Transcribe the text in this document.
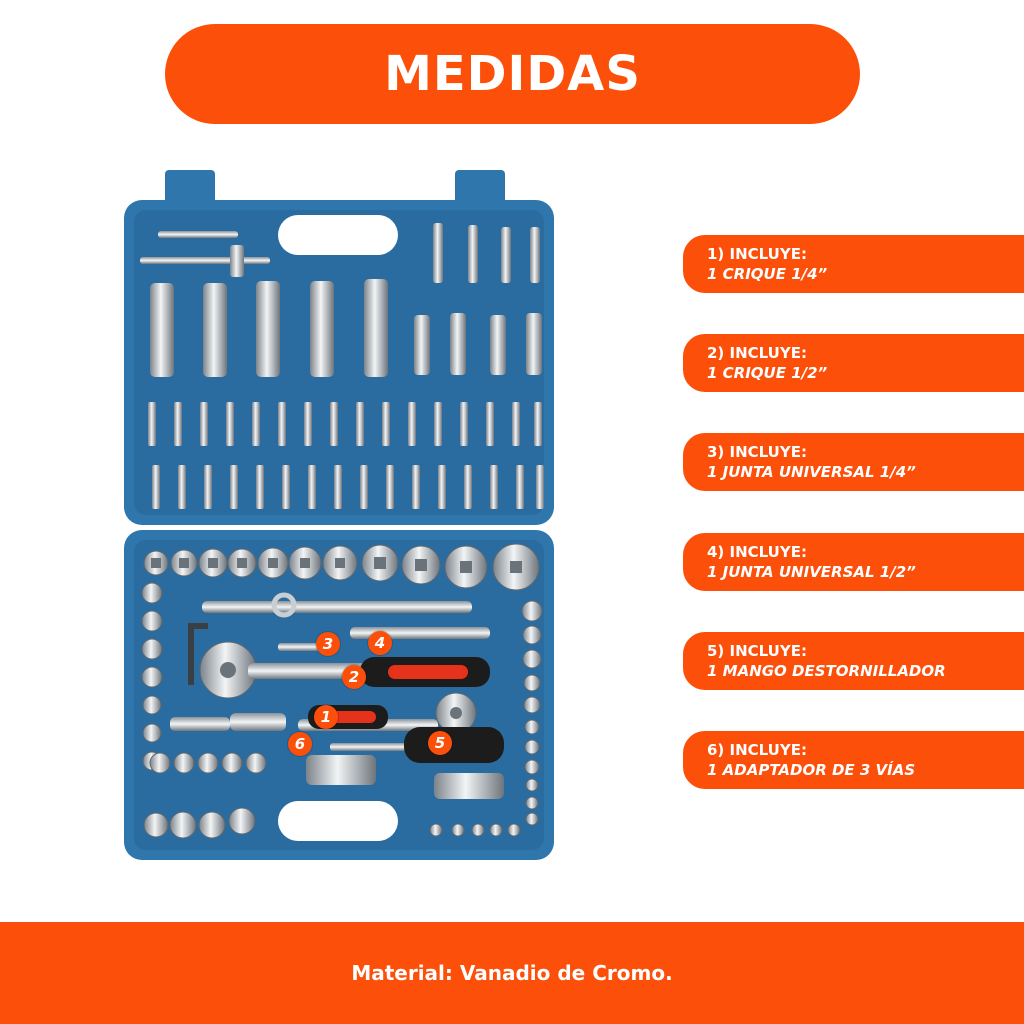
MEDIDAS
1
2
3	4
5
6
1) INCLUYE:
1 CRIQUE 1/4”
2) INCLUYE:
1 CRIQUE 1/2”
3) INCLUYE:
1 JUNTA UNIVERSAL 1/4”
4) INCLUYE:
1 JUNTA UNIVERSAL 1/2”
5) INCLUYE:
1 MANGO DESTORNILLADOR
6) INCLUYE:
1 ADAPTADOR DE 3 VÍAS
Material: Vanadio de Cromo.
